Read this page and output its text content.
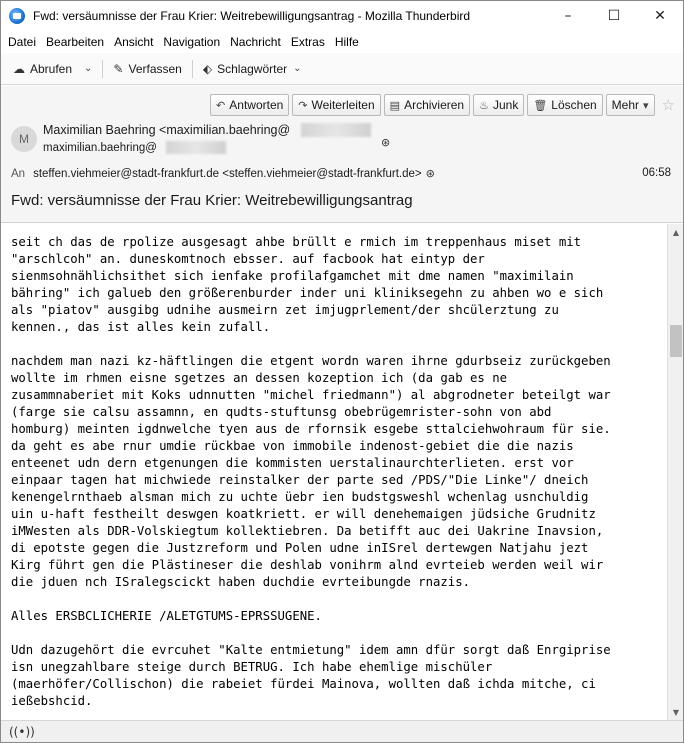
Fwd: versäumnisse der Frau Krier: Weitrebewilligungsantrag - Mozilla Thunderbird	–	☐	✕
Datei Bearbeiten Ansicht Navigation Nachricht Extras Hilfe
☁ Abrufen	⌄	✎ Verfassen ⬖ Schlagwörter ⌄
↶ Antworten ↷ Weiterleiten ▤ Archivieren ♨ Junk 🗑 Löschen Mehr ▾ ☆
M
Maximilian Baehring <maximilian.baehring@
⊛
maximilian.baehring@
An steffen.viehmeier@stadt-frankfurt.de <steffen.viehmeier@stadt-frankfurt.de> ⊛	06:58
Fwd: versäumnisse der Frau Krier: Weitrebewilligungsantrag
seit ch das de rpolize ausgesagt ahbe brüllt e rmich im treppenhaus miset mit
"arschlcoh" an. duneskomtnoch ebsser. auf facbook hat eintyp der
sienmsohnählichsithet sich ienfake profilafgamchet mit dme namen "maximilain
bähring" ich galueb den größerenburder inder uni kliniksegehn zu ahben wo e sich
als "piatov" ausgibg udnihe ausmeirn zet imjugprlement/der shcülerztung zu
kennen., das ist alles kein zufall.

nachdem man nazi kz-häftlingen die etgent wordn waren ihrne gdurbseiz zurückgeben
wollte im rhmen eisne sgetzes an dessen kozeption ich (da gab es ne
zusammnaberiet mit Koks udnnutten "michel friedmann") al abgrodneter beteilgt war
(farge sie calsu assamnn, en qudts-stuftunsg obebrügemrister-sohn von abd
homburg) meinten igdnwelche tyen aus de rfornsik esgebe sttalciehwohraum für sie.
da geht es abe rnur umdie rückbae von immobile indenost-gebiet die die nazis
enteenet udn dern etgenungen die kommisten uerstalinaurchterlieten. erst vor
einpaar tagen hat michwiede reinstalker der parte sed /PDS/"Die Linke"/ dneich
kenengelrnthaeb alsman mich zu uchte üebr ien budstgsweshl wchenlag usnchuldig
uin u-haft festheilt deswgen koatkriett. er will denehemaigen jüdsiche Grudnitz
iMWesten als DDR-Volskiegtum kollektiebren. Da betifft auc dei Uakrine Inavsion,
di epotste gegen die Justzreform und Polen udne inISrel dertewgen Natjahu jezt
Kirg führt gen die Plästineser die deshlab vonihrm alnd evrteieb werden weil wir
die jduen nch ISralegscickt haben duchdie evrteibungde rnazis.

Alles ERSBCLICHERIE /ALETGTUMS-EPRSSUGENE.

Udn dazugehört die evrcuhet "Kalte entmietung" idem amn dfür sorgt daß Enrgiprise
isn unegzahlbare steige durch BETRUG. Ich habe ehemlige mischüler
(maerhöfer/Collischon) die rabeiet fürdei Mainova, wollten daß ichda mitche, ci
ießebshcid.
▲
▼
((•))
